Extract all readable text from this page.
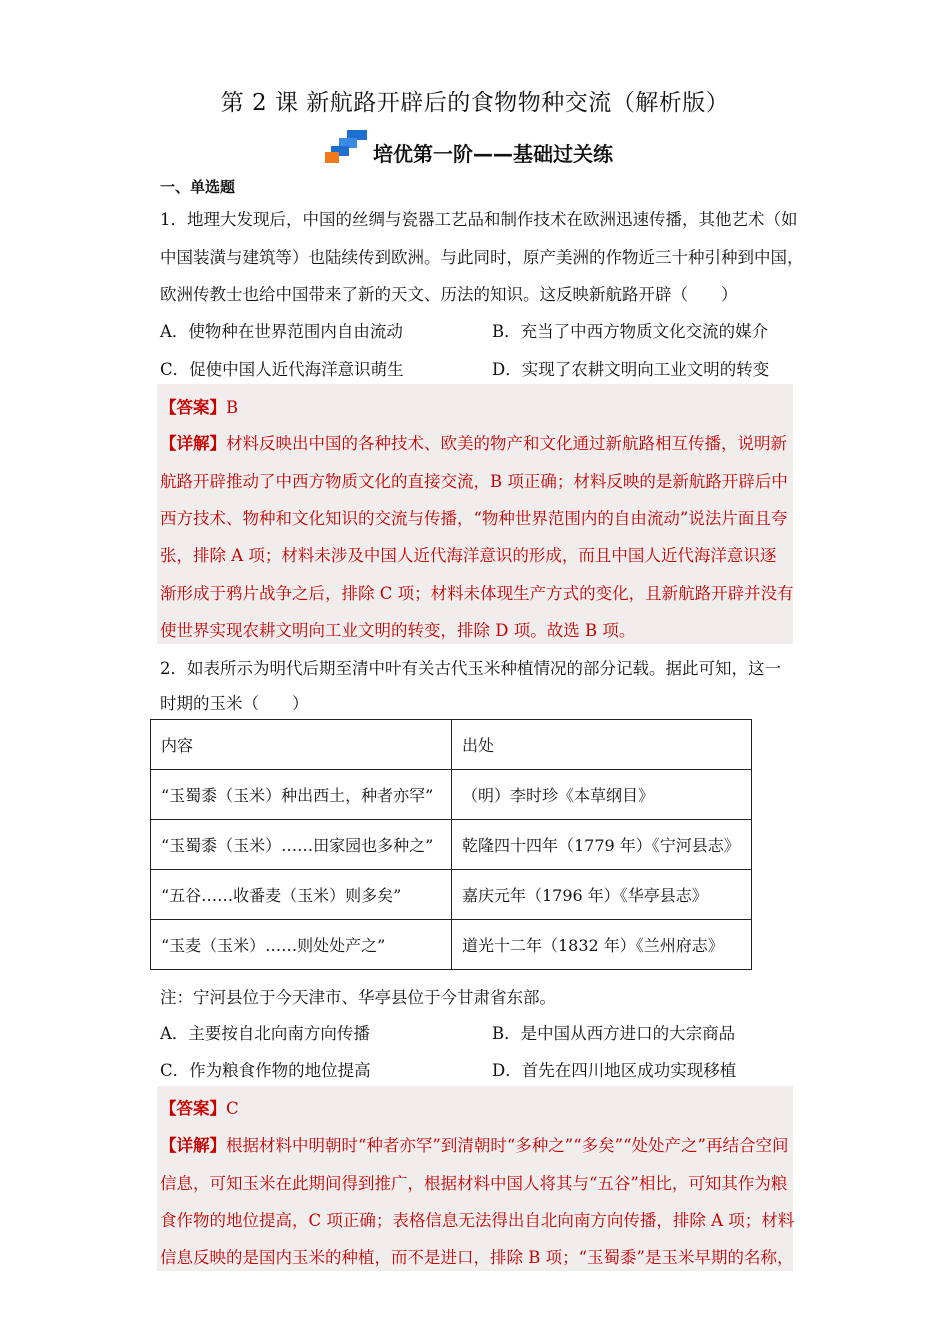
第 2 课 新航路开辟后的食物物种交流（解析版）
培优第一阶——基础过关练
一、单选题
1．地理大发现后，中国的丝绸与瓷器工艺品和制作技术在欧洲迅速传播，其他艺术（如
中国装潢与建筑等）也陆续传到欧洲。与此同时，原产美洲的作物近三十种引种到中国，
欧洲传教士也给中国带来了新的天文、历法的知识。这反映新航路开辟（　　）
A．使物种在世界范围内自由流动	B．充当了中西方物质文化交流的媒介
C．促使中国人近代海洋意识萌生	D．实现了农耕文明向工业文明的转变
【答案】B
【详解】材料反映出中国的各种技术、欧美的物产和文化通过新航路相互传播，说明新
航路开辟推动了中西方物质文化的直接交流，B 项正确；材料反映的是新航路开辟后中
西方技术、物种和文化知识的交流与传播，“物种世界范围内的自由流动”说法片面且夸
张，排除 A 项；材料未涉及中国人近代海洋意识的形成，而且中国人近代海洋意识逐
渐形成于鸦片战争之后，排除 C 项；材料未体现生产方式的变化，且新航路开辟并没有
使世界实现农耕文明向工业文明的转变，排除 D 项。故选 B 项。
2．如表所示为明代后期至清中叶有关古代玉米种植情况的部分记载。据此可知，这一
时期的玉米（　　）
内容	出处
“玉蜀黍（玉米）种出西土，种者亦罕”	（明）李时珍《本草纲目》
“玉蜀黍（玉米）……田家园也多种之”	乾隆四十四年（1779 年）《宁河县志》
“五谷……收番麦（玉米）则多矣”	嘉庆元年（1796 年）《华亭县志》
“玉麦（玉米）……则处处产之”	道光十二年（1832 年）《兰州府志》
注：宁河县位于今天津市、华亭县位于今甘肃省东部。
A．主要按自北向南方向传播	B．是中国从西方进口的大宗商品
C．作为粮食作物的地位提高	D．首先在四川地区成功实现移植
【答案】C
【详解】根据材料中明朝时“种者亦罕”到清朝时“多种之”“多矣”“处处产之”再结合空间
信息，可知玉米在此期间得到推广，根据材料中国人将其与“五谷”相比，可知其作为粮
食作物的地位提高，C 项正确；表格信息无法得出自北向南方向传播，排除 A 项；材料
信息反映的是国内玉米的种植，而不是进口，排除 B 项；“玉蜀黍”是玉米早期的名称，
